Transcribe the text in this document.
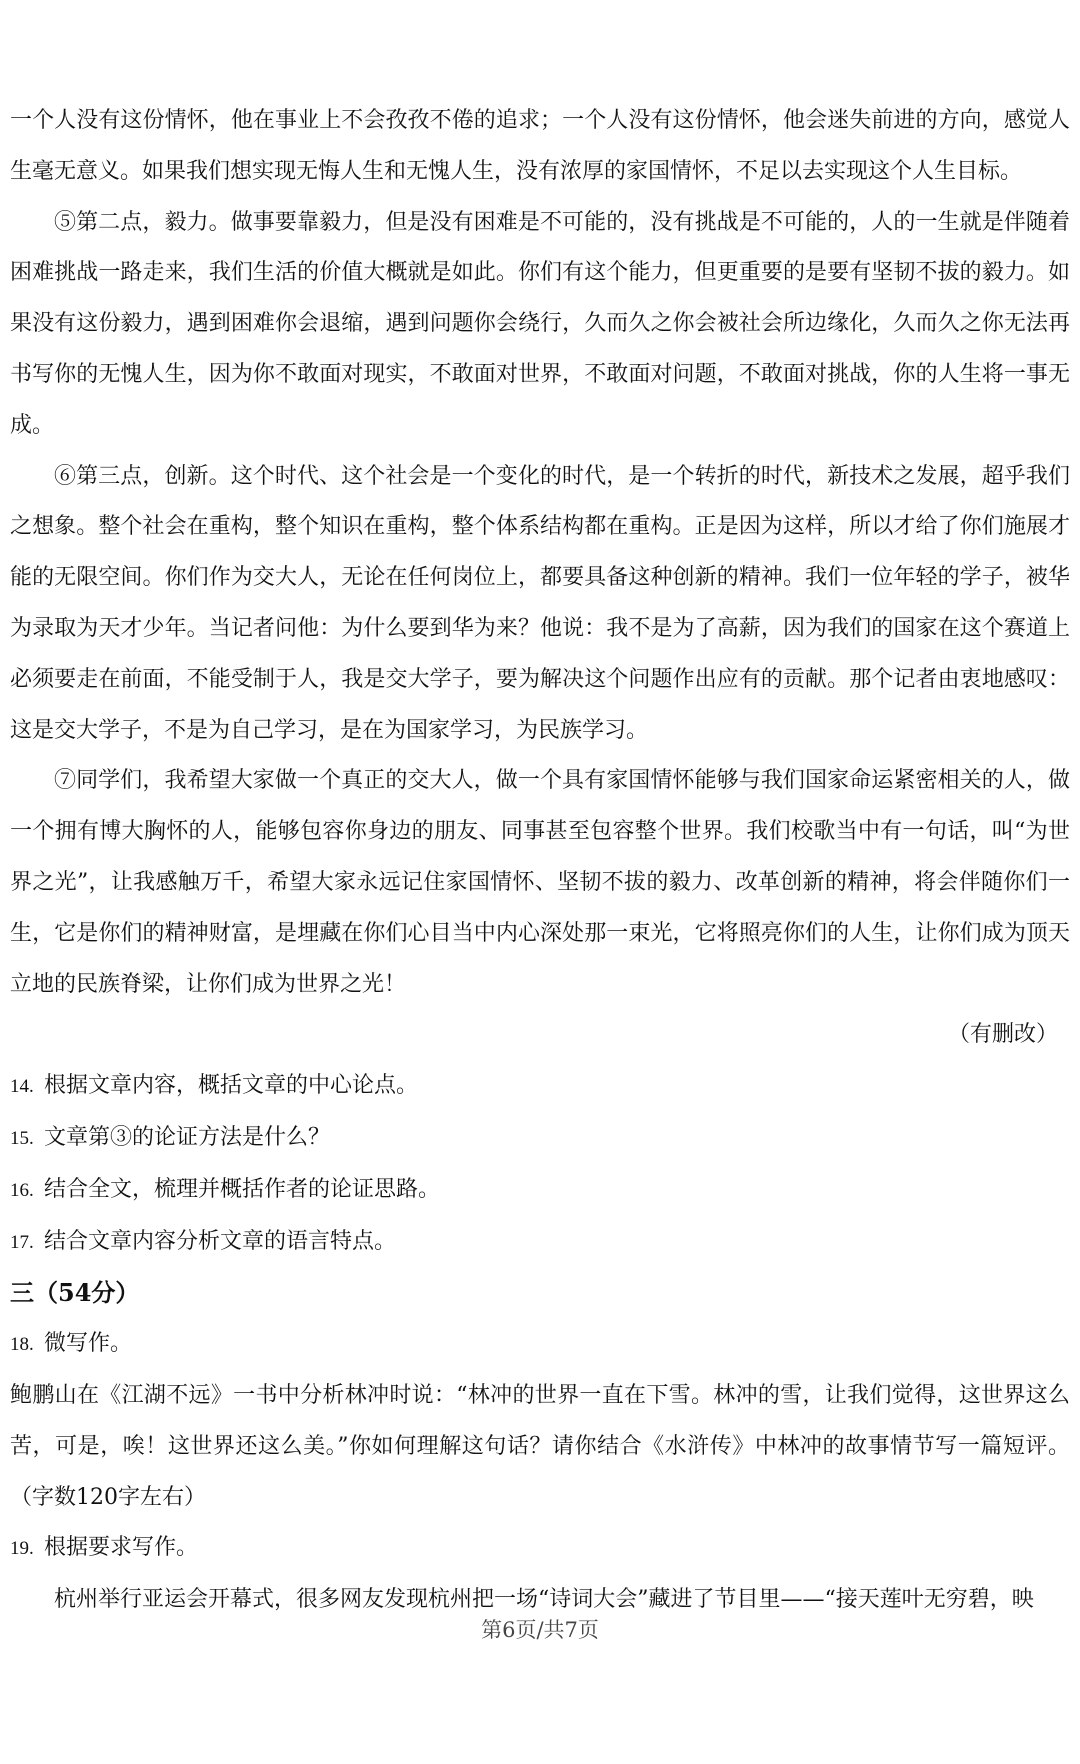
一个人没有这份情怀，他在事业上不会孜孜不倦的追求；一个人没有这份情怀，他会迷失前进的方向，感觉人生毫无意义。如果我们想实现无悔人生和无愧人生，没有浓厚的家国情怀，不足以去实现这个人生目标。

⑤第二点，毅力。做事要靠毅力，但是没有困难是不可能的，没有挑战是不可能的，人的一生就是伴随着困难挑战一路走来，我们生活的价值大概就是如此。你们有这个能力，但更重要的是要有坚韧不拔的毅力。如果没有这份毅力，遇到困难你会退缩，遇到问题你会绕行，久而久之你会被社会所边缘化，久而久之你无法再书写你的无愧人生，因为你不敢面对现实，不敢面对世界，不敢面对问题，不敢面对挑战，你的人生将一事无成。

⑥第三点，创新。这个时代、这个社会是一个变化的时代，是一个转折的时代，新技术之发展，超乎我们之想象。整个社会在重构，整个知识在重构，整个体系结构都在重构。正是因为这样，所以才给了你们施展才能的无限空间。你们作为交大人，无论在任何岗位上，都要具备这种创新的精神。我们一位年轻的学子，被华为录取为天才少年。当记者问他：为什么要到华为来？他说：我不是为了高薪，因为我们的国家在这个赛道上必须要走在前面，不能受制于人，我是交大学子，要为解决这个问题作出应有的贡献。那个记者由衷地感叹：这是交大学子，不是为自己学习，是在为国家学习，为民族学习。

⑦同学们，我希望大家做一个真正的交大人，做一个具有家国情怀能够与我们国家命运紧密相关的人，做一个拥有博大胸怀的人，能够包容你身边的朋友、同事甚至包容整个世界。我们校歌当中有一句话，叫“为世界之光”，让我感触万千，希望大家永远记住家国情怀、坚韧不拔的毅力、改革创新的精神，将会伴随你们一生，它是你们的精神财富，是埋藏在你们心目当中内心深处那一束光，它将照亮你们的人生，让你们成为顶天立地的民族脊梁，让你们成为世界之光！

（有删改）

14. 根据文章内容，概括文章的中心论点。

15. 文章第③的论证方法是什么？

16. 结合全文，梳理并概括作者的论证思路。

17. 结合文章内容分析文章的语言特点。

三（54分）

18. 微写作。

鲍鹏山在《江湖不远》一书中分析林冲时说：“林冲的世界一直在下雪。林冲的雪，让我们觉得，这世界这么苦，可是，唉！这世界还这么美。”你如何理解这句话？请你结合《水浒传》中林冲的故事情节写一篇短评。（字数120字左右）

19. 根据要求写作。

杭州举行亚运会开幕式，很多网友发现杭州把一场“诗词大会”藏进了节目里——“接天莲叶无穷碧，映

第6页/共7页
